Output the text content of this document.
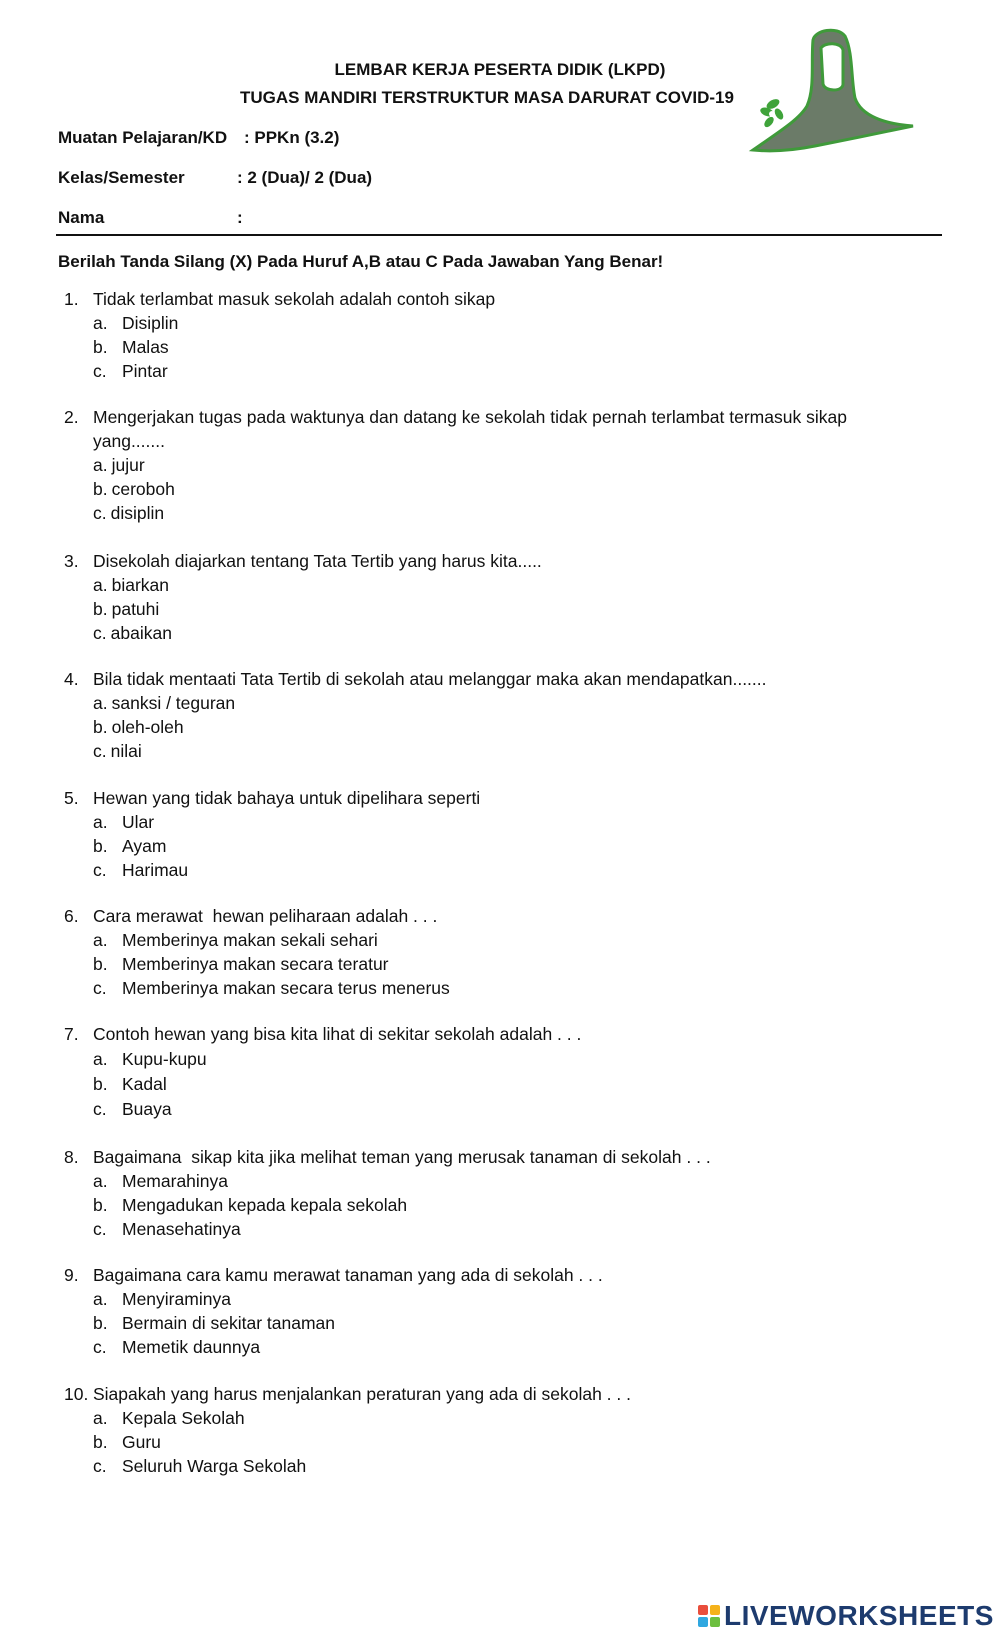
LEMBAR KERJA PESERTA DIDIK (LKPD)
TUGAS MANDIRI TERSTRUKTUR MASA DARURAT COVID-19
Muatan Pelajaran/KD : PPKn (3.2)
Kelas/Semester	: 2 (Dua)/ 2 (Dua)
Nama	:
Berilah Tanda Silang (X) Pada Huruf A,B atau C Pada Jawaban Yang Benar!
1. Tidak terlambat masuk sekolah adalah contoh sikap
a. Disiplin
b. Malas
c. Pintar
2. Mengerjakan tugas pada waktunya dan datang ke sekolah tidak pernah terlambat termasuk sikap yang.......
a. jujur
b. ceroboh
c. disiplin
3. Disekolah diajarkan tentang Tata Tertib yang harus kita.....
a. biarkan
b. patuhi
c. abaikan
4. Bila tidak mentaati Tata Tertib di sekolah atau melanggar maka akan mendapatkan.......
a. sanksi / teguran
b. oleh-oleh
c. nilai
5. Hewan yang tidak bahaya untuk dipelihara seperti
a. Ular
b. Ayam
c. Harimau
6. Cara merawat  hewan peliharaan adalah . . .
a. Memberinya makan sekali sehari
b. Memberinya makan secara teratur
c. Memberinya makan secara terus menerus
7. Contoh hewan yang bisa kita lihat di sekitar sekolah adalah . . .
a. Kupu-kupu
b. Kadal
c. Buaya
8. Bagaimana  sikap kita jika melihat teman yang merusak tanaman di sekolah . . .
a. Memarahinya
b. Mengadukan kepada kepala sekolah
c. Menasehatinya
9. Bagaimana cara kamu merawat tanaman yang ada di sekolah . . .
a. Menyiraminya
b. Bermain di sekitar tanaman
c. Memetik daunnya
10. Siapakah yang harus menjalankan peraturan yang ada di sekolah . . .
a. Kepala Sekolah
b. Guru
c. Seluruh Warga Sekolah
LIVEWORKSHEETS
